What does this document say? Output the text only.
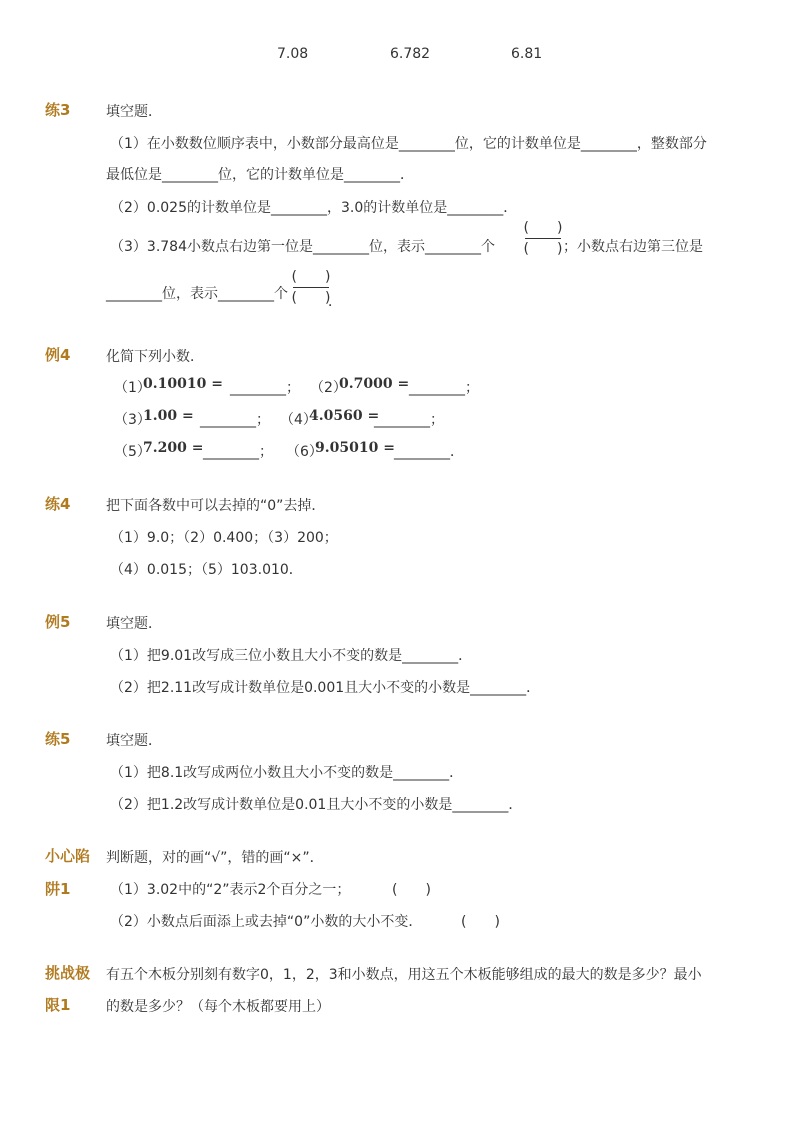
7.08	6.782	6.81
练3	填空题．
（1）在小数数位顺序表中，小数部分最高位是________位，它的计数单位是________，整数部分
最低位是________位，它的计数单位是________．
（2）0.025的计数单位是________，3.0的计数单位是________．
（3）3.784小数点右边第一位是________位，表示________个
(　　)
(　　) ；小数点右边第三位是
________位，表示________个
(　　)
(　　)
．
例4	化简下列小数．
（1）
0.10010 = ________； （2）
0.7000 = ________；
（3）
1.00 = ________； （4）
4.0560 =
________；
（5）
7.200 = ________； （6）
9.05010 = ________．
练4	把下面各数中可以去掉的“0”去掉．
（1）9.0；（2）0.400；（3）200；
（4）0.015；（5）103.010．
例5	填空题．
（1）把9.01改写成三位小数且大小不变的数是________．
（2）把2.11改写成计数单位是0.001且大小不变的小数是________．
练5	填空题．
（1）把8.1改写成两位小数且大小不变的数是________．
（2）把1.2改写成计数单位是0.01且大小不变的小数是________．
小心陷
阱1
判断题，对的画“√”，错的画“×”．
（1）3.02中的“2”表示2个百分之一；	(　　)
（2）小数点后面添上或去掉“0”小数的大小不变．	(　　)
挑战极
限1
有五个木板分别刻有数字0，1，2，3和小数点，用这五个木板能够组成的最大的数是多少？最小
的数是多少？（每个木板都要用上）
